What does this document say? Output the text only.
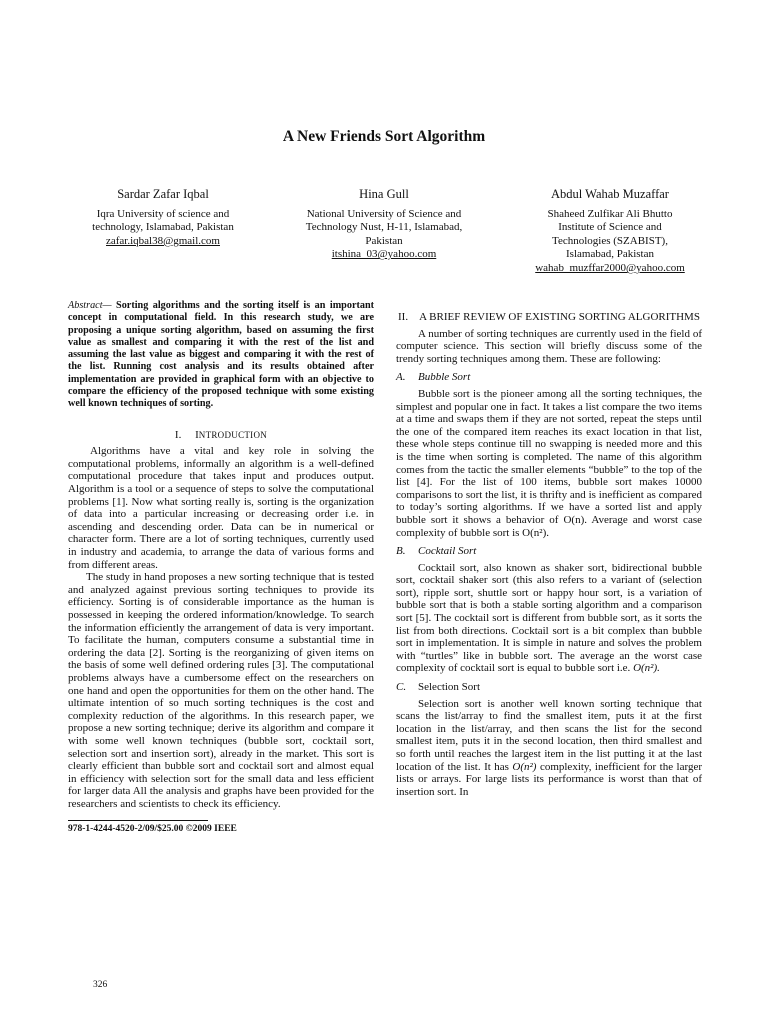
A New Friends Sort Algorithm
Sardar Zafar Iqbal
Iqra University of science and
technology, Islamabad, Pakistan
zafar.iqbal38@gmail.com
Hina Gull
National University of Science and
Technology Nust, H-11, Islamabad,
Pakistan
itshina_03@yahoo.com
Abdul Wahab Muzaffar
Shaheed Zulfikar Ali Bhutto
Institute of Science and
Technologies (SZABIST),
Islamabad, Pakistan
wahab_muzffar2000@yahoo.com
Abstract— Sorting algorithms and the sorting itself is an important concept in computational field. In this research study, we are proposing a unique sorting algorithm, based on assuming the first value as smallest and comparing it with the rest of the list and assuming the last value as biggest and comparing it with the rest of the list. Running cost analysis and its results obtained after implementation are provided in graphical form with an objective to compare the efficiency of the proposed technique with some existing well known techniques of sorting.
I. INTRODUCTION

Algorithms have a vital and key role in solving the computational problems, informally an algorithm is a well-defined computational procedure that takes input and produces output. Algorithm is a tool or a sequence of steps to solve the computational problems [1]. Now what sorting really is, sorting is the organization of data into a particular increasing or decreasing order i.e. in ascending and descending order. Data can be in numerical or character form. There are a lot of sorting techniques, currently used in industry and academia, to arrange the data of various forms and from different areas.

The study in hand proposes a new sorting technique that is tested and analyzed against previous sorting techniques to provide its efficiency. Sorting is of considerable importance as the human is possessed in keeping the ordered information/knowledge. To search the information efficiently the arrangement of data is very important. To facilitate the human, computers consume a substantial time in ordering the data [2]. Sorting is the reorganizing of given items on the basis of some well defined ordering rules [3]. The computational problems always have a cumbersome effect on the researchers on one hand and open the opportunities for them on the other hand. The ultimate intention of so much sorting techniques is the cost and complexity reduction of the algorithms. In this research paper, we propose a new sorting technique; derive its algorithm and compare it with some well known techniques (bubble sort, cocktail sort, selection sort and insertion sort), already in the market. This sort is clearly efficient than bubble sort and cocktail sort and almost equal in efficiency with selection sort for the small data and less efficient for larger data All the analysis and graphs have been provided for the researchers and scientists to check its efficiency.

978-1-4244-4520-2/09/$25.00 ©2009 IEEE
II. A BRIEF REVIEW OF EXISTING SORTING ALGORITHMS

A number of sorting techniques are currently used in the field of computer science. This section will briefly discuss some of the trendy sorting techniques among them. These are following:

A. Bubble Sort

Bubble sort is the pioneer among all the sorting techniques, the simplest and popular one in fact. It takes a list compare the two items at a time and swaps them if they are not sorted, repeat the steps until the one of the compared item reaches its exact location in that list, these whole steps continue till no swapping is needed more and this is the time when sorting is completed. The name of this algorithm comes from the tactic the smaller elements “bubble” to the top of the list [4]. For the list of 100 items, bubble sort makes 10000 comparisons to sort the list, it is thrifty and is inefficient as compared to today’s sorting algorithms. If we have a sorted list and apply bubble sort it shows a behavior of O(n). Average and worst case complexity of bubble sort is O(n²).

B. Cocktail Sort

Cocktail sort, also known as shaker sort, bidirectional bubble sort, cocktail shaker sort (this also refers to a variant of (selection sort), ripple sort, shuttle sort or happy hour sort, is a variation of bubble sort that is both a stable sorting algorithm and a comparison sort [5]. The cocktail sort is different from bubble sort, as it sorts the list from both directions. Cocktail sort is a bit complex than bubble sort in implementation. It is simple in nature and solves the problem with “turtles” like in bubble sort. The average an the worst case complexity of cocktail sort is equal to bubble sort i.e. O(n²).

C. Selection Sort

Selection sort is another well known sorting technique that scans the list/array to find the smallest item, puts it at the first location in the list/array, and then scans the list for the second smallest item, puts it in the second location, then third smallest and so forth until reaches the largest item in the list putting it at the last location of the list. It has O(n²) complexity, inefficient for the larger lists or arrays. For large lists its performance is worst than that of insertion sort. In

326
